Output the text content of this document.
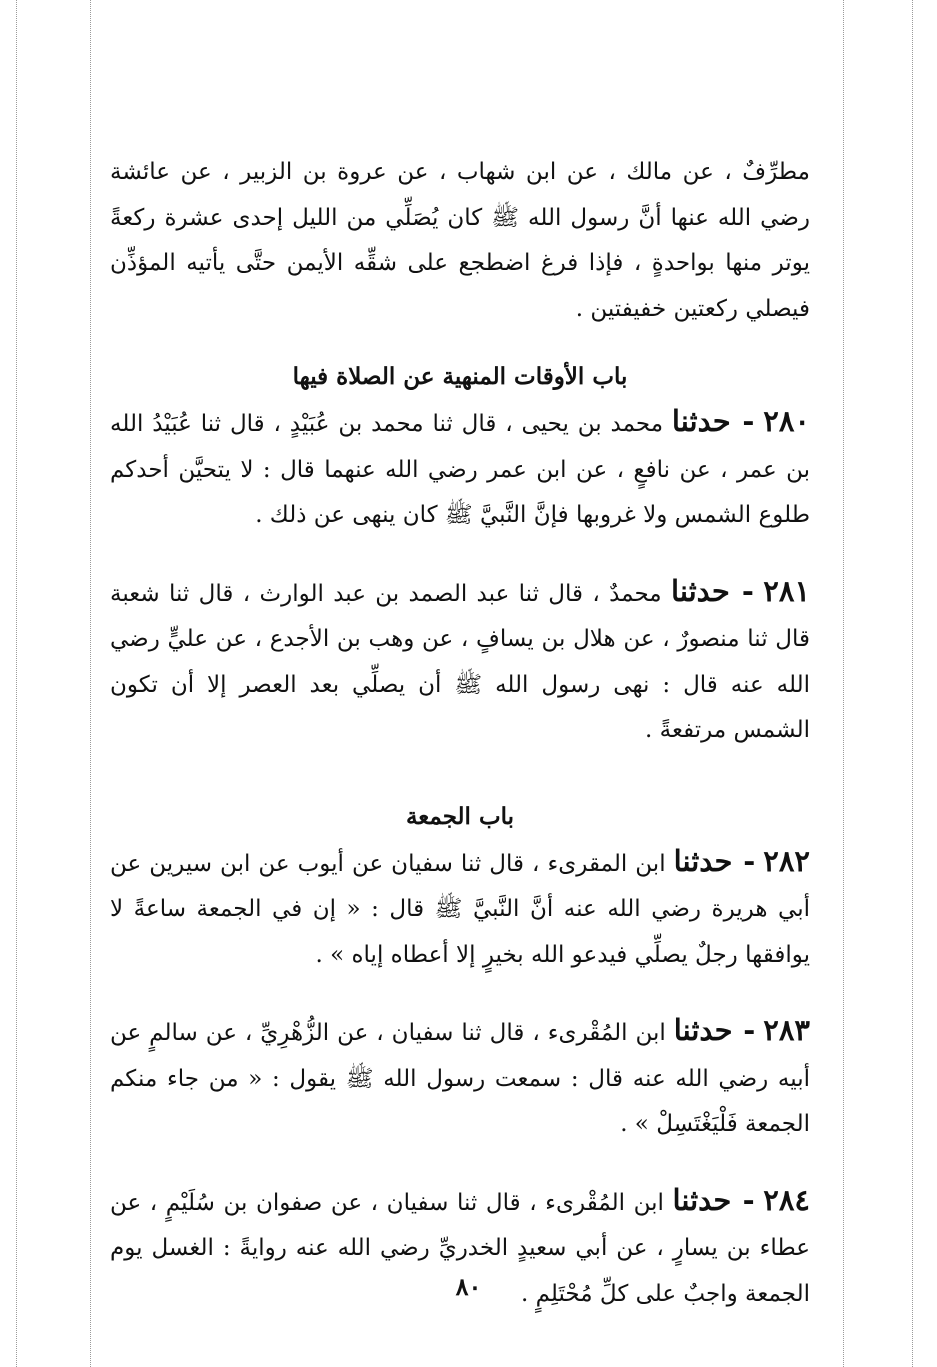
مطرِّفٌ ، عن مالك ، عن ابن شهاب ، عن عروة بن الزبير ، عن عائشة رضي الله عنها أنَّ رسول الله ﷺ كان يُصَلِّي من الليل إحدى عشرة ركعةً يوتر منها بواحدةٍ ، فإذا فرغ اضطجع على شقِّه الأيمن حتَّى يأتيه المؤذِّن فيصلي ركعتين خفيفتين .

باب الأوقات المنهية عن الصلاة فيها

٢٨٠ - حدثنا محمد بن يحيى ، قال ثنا محمد بن عُبَيْدٍ ، قال ثنا عُبَيْدُ الله بن عمر ، عن نافعٍ ، عن ابن عمر رضي الله عنهما قال : لا يتحيَّن أحدكم طلوع الشمس ولا غروبها فإنَّ النَّبيَّ ﷺ كان ينهى عن ذلك .

٢٨١ - حدثنا محمدٌ ، قال ثنا عبد الصمد بن عبد الوارث ، قال ثنا شعبة قال ثنا منصورٌ ، عن هلال بن يسافٍ ، عن وهب بن الأجدع ، عن عليٍّ رضي الله عنه قال : نهى رسول الله ﷺ أن يصلِّي بعد العصر إلا أن تكون الشمس مرتفعةً .

باب الجمعة

٢٨٢ - حدثنا ابن المقرىء ، قال ثنا سفيان عن أيوب عن ابن سيرين عن أبي هريرة رضي الله عنه أنَّ النَّبيَّ ﷺ قال : « إن في الجمعة ساعةً لا يوافقها رجلٌ يصلِّي فيدعو الله بخيرٍ إلا أعطاه إياه » .

٢٨٣ - حدثنا ابن المُقْرىء ، قال ثنا سفيان ، عن الزُّهْرِيِّ ، عن سالمٍ عن أبيه رضي الله عنه قال : سمعت رسول الله ﷺ يقول : « من جاء منكم الجمعة فَلْيَغْتَسِلْ » .

٢٨٤ - حدثنا ابن المُقْرىء ، قال ثنا سفيان ، عن صفوان بن سُلَيْمٍ ، عن عطاء بن يسارٍ ، عن أبي سعيدٍ الخدريِّ رضي الله عنه روايةً : الغسل يوم الجمعة واجبٌ على كلِّ مُحْتَلِمٍ .

٨٠
